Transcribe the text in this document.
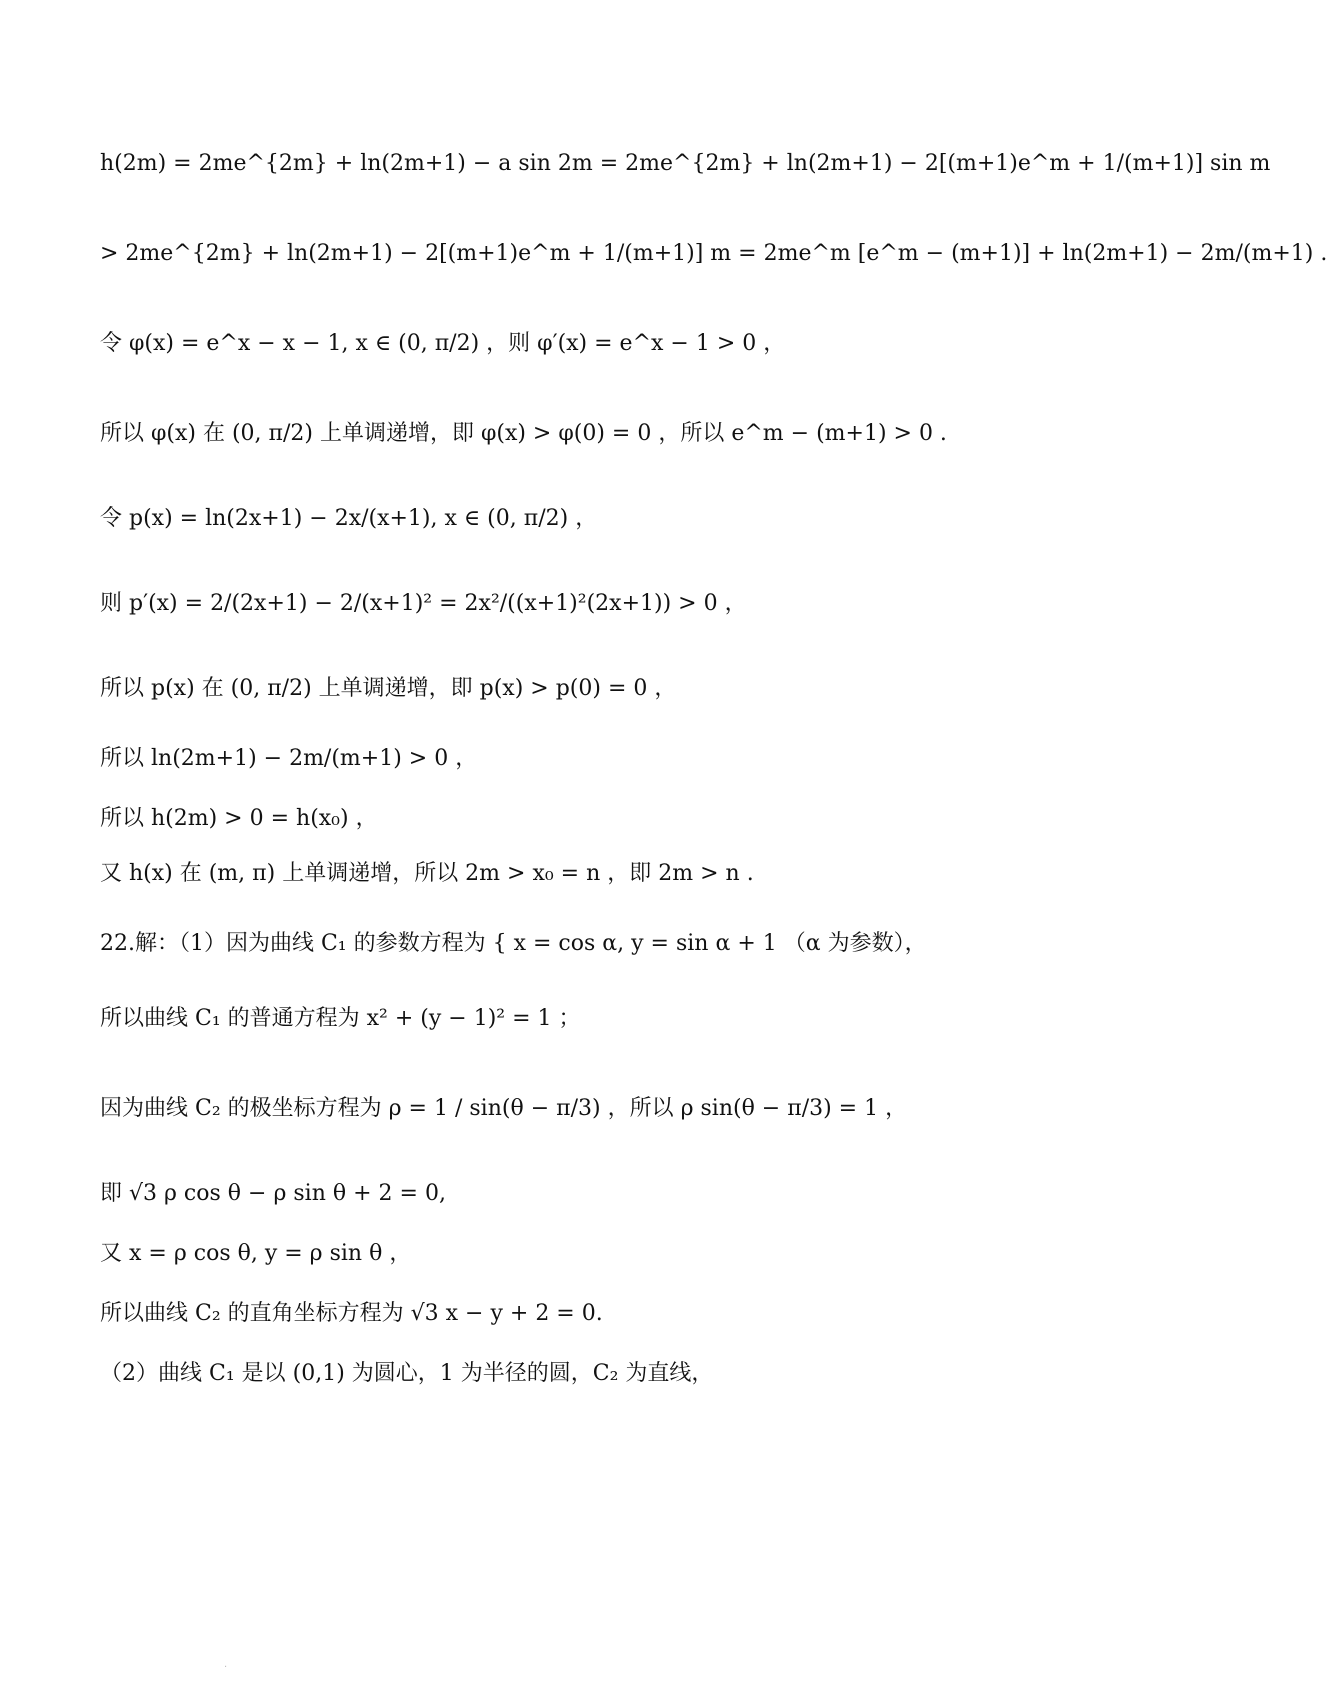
h(2m) = 2me^{2m} + ln(2m+1) − a sin 2m = 2me^{2m} + ln(2m+1) − 2[(m+1)e^m + 1/(m+1)] sin m
> 2me^{2m} + ln(2m+1) − 2[(m+1)e^m + 1/(m+1)] m = 2me^m [e^m − (m+1)] + ln(2m+1) − 2m/(m+1) .
令 φ(x) = e^x − x − 1, x ∈ (0, π/2) ，则 φ′(x) = e^x − 1 > 0 ，
所以 φ(x) 在 (0, π/2) 上单调递增，即 φ(x) > φ(0) = 0 ，所以 e^m − (m+1) > 0 .
令 p(x) = ln(2x+1) − 2x/(x+1), x ∈ (0, π/2) ，
则 p′(x) = 2/(2x+1) − 2/(x+1)² = 2x²/((x+1)²(2x+1)) > 0 ，
所以 p(x) 在 (0, π/2) 上单调递增，即 p(x) > p(0) = 0 ，
所以 ln(2m+1) − 2m/(m+1) > 0 ，
所以 h(2m) > 0 = h(x₀) ，
又 h(x) 在 (m, π) 上单调递增，所以 2m > x₀ = n ，即 2m > n .
22.解：（1）因为曲线 C₁ 的参数方程为 { x = cos α, y = sin α + 1 （α 为参数），
所以曲线 C₁ 的普通方程为 x² + (y − 1)² = 1 ；
因为曲线 C₂ 的极坐标方程为 ρ = 1 / sin(θ − π/3) ，所以 ρ sin(θ − π/3) = 1 ，
即 √3 ρ cos θ − ρ sin θ + 2 = 0,
又 x = ρ cos θ, y = ρ sin θ ，
所以曲线 C₂ 的直角坐标方程为 √3 x − y + 2 = 0.
（2）曲线 C₁ 是以 (0,1) 为圆心，1 为半径的圆，C₂ 为直线，
·
